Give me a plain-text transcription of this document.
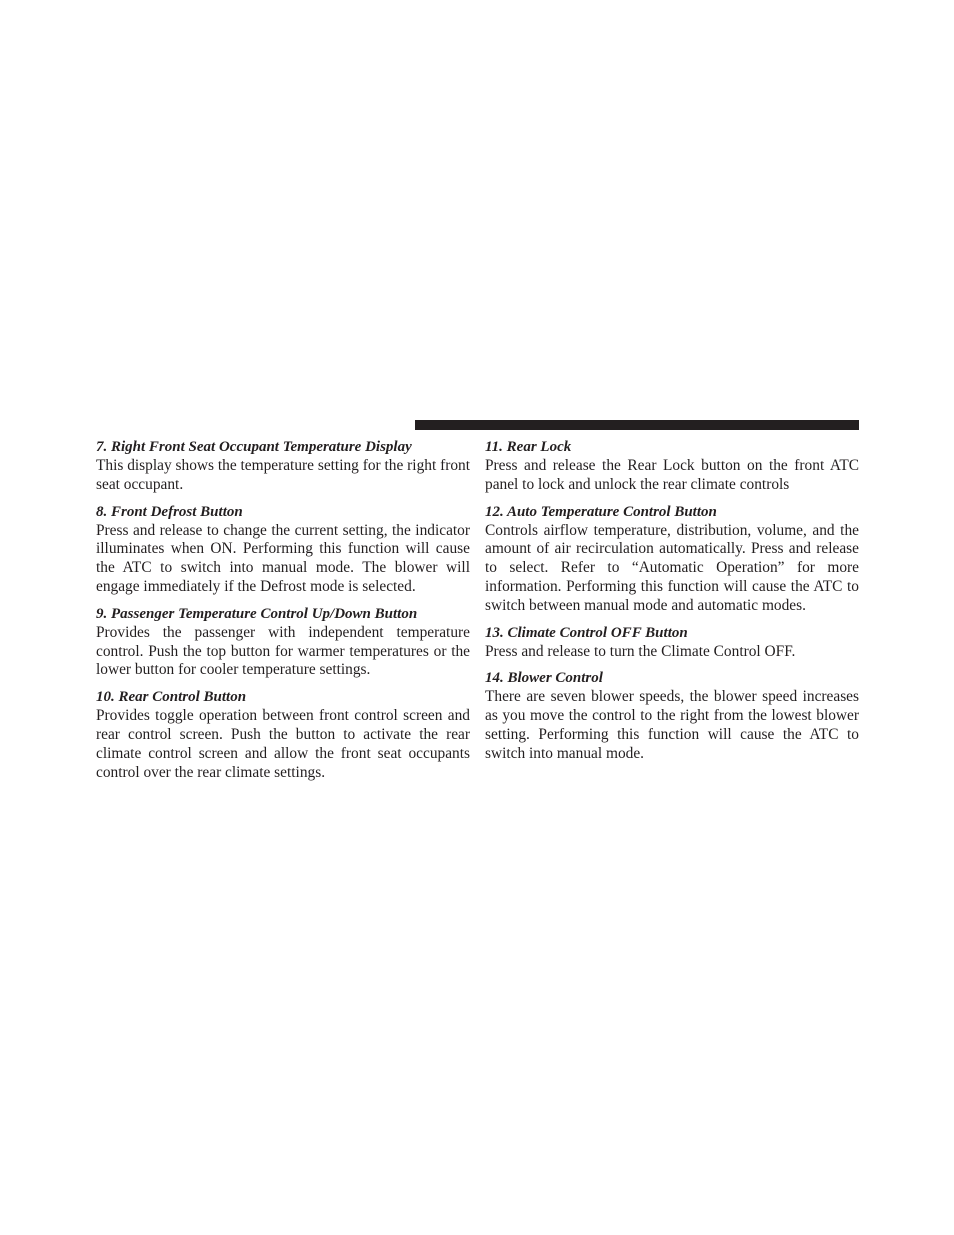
7. Right Front Seat Occupant Temperature Display

This display shows the temperature setting for the right front seat occupant.

8. Front Defrost Button

Press and release to change the current setting, the indicator illuminates when ON. Performing this function will cause the ATC to switch into manual mode. The blower will engage immediately if the Defrost mode is selected.

9. Passenger Temperature Control Up/Down Button

Provides the passenger with independent temperature control. Push the top button for warmer temperatures or the lower button for cooler temperature settings.

10. Rear Control Button

Provides toggle operation between front control screen and rear control screen. Push the button to activate the rear climate control screen and allow the front seat occupants control over the rear climate settings.

11. Rear Lock

Press and release the Rear Lock button on the front ATC panel to lock and unlock the rear climate controls

12. Auto Temperature Control Button

Controls airflow temperature, distribution, volume, and the amount of air recirculation automatically. Press and release to select. Refer to “Automatic Operation” for more information. Performing this function will cause the ATC to switch between manual mode and automatic modes.

13. Climate Control OFF Button

Press and release to turn the Climate Control OFF.

14. Blower Control

There are seven blower speeds, the blower speed increases as you move the control to the right from the lowest blower setting. Performing this function will cause the ATC to switch into manual mode.
